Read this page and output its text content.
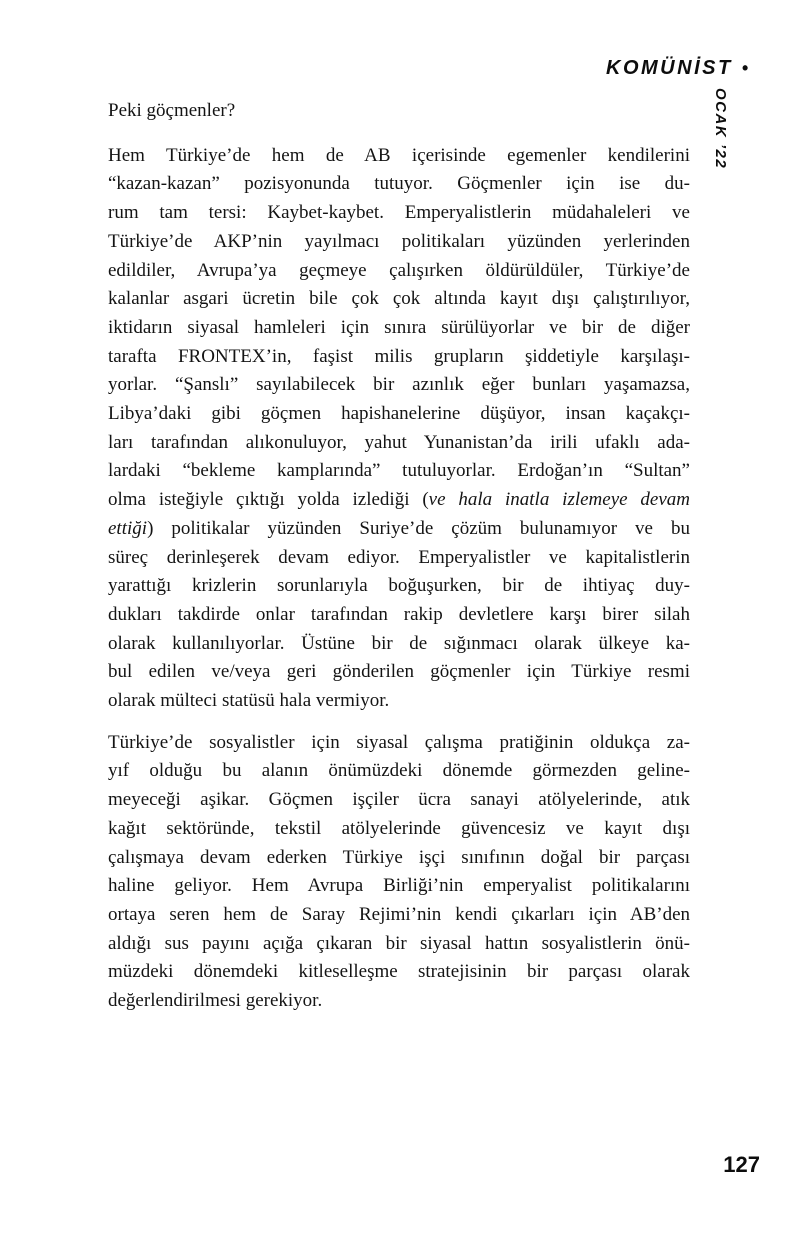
KOMÜNİST •
OCAK ’22
Peki göçmenler?
Hem Türkiye’de hem de AB içerisinde egemenler kendilerini
“kazan-kazan” pozisyonunda tutuyor. Göçmenler için ise du-
rum tam tersi: Kaybet-kaybet. Emperyalistlerin müdahaleleri ve
Türkiye’de AKP’nin yayılmacı politikaları yüzünden yerlerinden
edildiler, Avrupa’ya geçmeye çalışırken öldürüldüler, Türkiye’de
kalanlar asgari ücretin bile çok çok altında kayıt dışı çalıştırılıyor,
iktidarın siyasal hamleleri için sınıra sürülüyorlar ve bir de diğer
tarafta FRONTEX’in, faşist milis grupların şiddetiyle karşılaşı-
yorlar. “Şanslı” sayılabilecek bir azınlık eğer bunları yaşamazsa,
Libya’daki gibi göçmen hapishanelerine düşüyor, insan kaçakçı-
ları tarafından alıkonuluyor, yahut Yunanistan’da irili ufaklı ada-
lardaki “bekleme kamplarında” tutuluyorlar. Erdoğan’ın “Sultan”
olma isteğiyle çıktığı yolda izlediği (ve hala inatla izlemeye devam
ettiği) politikalar yüzünden Suriye’de çözüm bulunamıyor ve bu
süreç derinleşerek devam ediyor. Emperyalistler ve kapitalistlerin
yarattığı krizlerin sorunlarıyla boğuşurken, bir de ihtiyaç duy-
dukları takdirde onlar tarafından rakip devletlere karşı birer silah
olarak kullanılıyorlar. Üstüne bir de sığınmacı olarak ülkeye ka-
bul edilen ve/veya geri gönderilen göçmenler için Türkiye resmi
olarak mülteci statüsü hala vermiyor.
Türkiye’de sosyalistler için siyasal çalışma pratiğinin oldukça za-
yıf olduğu bu alanın önümüzdeki dönemde görmezden geline-
meyeceği aşikar. Göçmen işçiler ücra sanayi atölyelerinde, atık
kağıt sektöründe, tekstil atölyelerinde güvencesiz ve kayıt dışı
çalışmaya devam ederken Türkiye işçi sınıfının doğal bir parçası
haline geliyor. Hem Avrupa Birliği’nin emperyalist politikalarını
ortaya seren hem de Saray Rejimi’nin kendi çıkarları için AB’den
aldığı sus payını açığa çıkaran bir siyasal hattın sosyalistlerin önü-
müzdeki dönemdeki kitleselleşme stratejisinin bir parçası olarak
değerlendirilmesi gerekiyor.
127
